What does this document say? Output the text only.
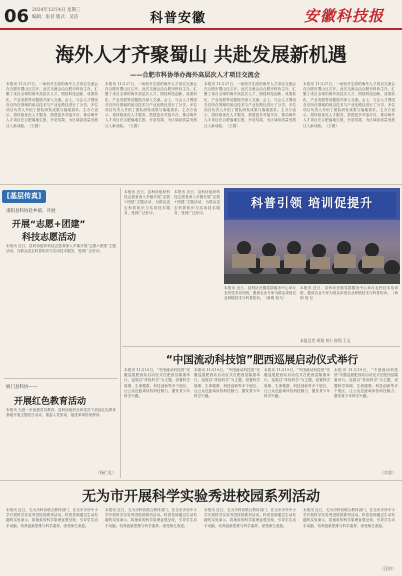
06 2024年12月4日 星期三
编辑：张君 版式：吴洁	科普安徽	安徽科技报
海外人才齐聚蜀山 共赴发展新机遇
——合肥市科协举办海外高层次人才项目交流会
本报讯 11月27日，一场别开生面的海外人才项目交流会在合肥市蜀山区召开。此次交流会由合肥市科协主办，汇聚了来自全球的海外高层次人才，围绕科技创新、成果转化、产业发展等话题展开深入交流。会上，与会人才围绕各自所在领域的前沿技术与产业化路径进行了分享，多位项目负责人介绍了团队研发成果与落地需求。主办方表示，将持续优化人才服务，搭建更多对接平台，推动海外人才项目在合肥落地生根、开花结果，为区域高质量发展注入新动能。（王娟）
本报讯 11月27日，一场别开生面的海外人才项目交流会在合肥市蜀山区召开。此次交流会由合肥市科协主办，汇聚了来自全球的海外高层次人才，围绕科技创新、成果转化、产业发展等话题展开深入交流。会上，与会人才围绕各自所在领域的前沿技术与产业化路径进行了分享，多位项目负责人介绍了团队研发成果与落地需求。主办方表示，将持续优化人才服务，搭建更多对接平台，推动海外人才项目在合肥落地生根、开花结果，为区域高质量发展注入新动能。（王娟）
本报讯 11月27日，一场别开生面的海外人才项目交流会在合肥市蜀山区召开。此次交流会由合肥市科协主办，汇聚了来自全球的海外高层次人才，围绕科技创新、成果转化、产业发展等话题展开深入交流。会上，与会人才围绕各自所在领域的前沿技术与产业化路径进行了分享，多位项目负责人介绍了团队研发成果与落地需求。主办方表示，将持续优化人才服务，搭建更多对接平台，推动海外人才项目在合肥落地生根、开花结果，为区域高质量发展注入新动能。（王娟）
本报讯 11月27日，一场别开生面的海外人才项目交流会在合肥市蜀山区召开。此次交流会由合肥市科协主办，汇聚了来自全球的海外高层次人才，围绕科技创新、成果转化、产业发展等话题展开深入交流。会上，与会人才围绕各自所在领域的前沿技术与产业化路径进行了分享，多位项目负责人介绍了团队研发成果与落地需求。主办方表示，将持续优化人才服务，搭建更多对接平台，推动海外人才项目在合肥落地生根、开花结果，为区域高质量发展注入新动能。（王娟）
[基层传真]
肃阳县科协赴乡镇、开展
开展“志愿+团建”
科技志愿活动
本报讯 近日，县科协组织科技志愿者深入乡镇开展“志愿+团建”主题活动，为群众送去科普知识与实用技术服务，受到广泛好评。
枞门县科协——
开展红色教育活动
本报讯 为进一步加强党员教育，县科协组织全体党员干部赴红色教育基地开展主题党日活动，重温入党誓词，接受革命传统教育。
（杨仁礼）
本报讯 近日，县科协组织科技志愿者深入乡镇开展“志愿+团建”主题活动，为群众送去科普知识与实用技术服务，受到广泛好评。
本报讯 近日，县科协组织科技志愿者深入乡镇开展“志愿+团建”主题活动，为群众送去科普知识与实用技术服务，受到广泛好评。
科普引领 培训促提升
本报讯 近日，县科协在镇党群服务中心举办农民技术培训班，邀请农业专家为群众讲授农业种植技术与科普知识。（黄明 倪飞）
本报记者 周翔 刘小 崔翔 王文
本报讯 近日，县科协在镇党群服务中心举办农民技术培训班，邀请农业专家为群众讲授农业种植技术与科普知识。（黄明 倪飞）
“中国流动科技馆”肥西巡展启动仪式举行
本报讯 11月19日，“中国流动科技馆”安徽巡展肥西站启动仪式在肥西县隆重举行。巡展以“体验科学”为主题，设置科学原理、生命健康、科技创新等多个展区，让公众近距离体验科技魅力，激发青少年科学兴趣。
本报讯 11月19日，“中国流动科技馆”安徽巡展肥西站启动仪式在肥西县隆重举行。巡展以“体验科学”为主题，设置科学原理、生命健康、科技创新等多个展区，让公众近距离体验科技魅力，激发青少年科学兴趣。
本报讯 11月19日，“中国流动科技馆”安徽巡展肥西站启动仪式在肥西县隆重举行。巡展以“体验科学”为主题，设置科学原理、生命健康、科技创新等多个展区，让公众近距离体验科技魅力，激发青少年科学兴趣。
本报讯 11月19日，“中国流动科技馆”安徽巡展肥西站启动仪式在肥西县隆重举行。巡展以“体验科学”为主题，设置科学原理、生命健康、科技创新等多个展区，让公众近距离体验科技魅力，激发青少年科学兴趣。
（佘思）
无为市开展科学实验秀进校园系列活动
本报讯 近日，无为市科协联合教体部门，在全市多所中小学开展科学实验秀进校园系列活动。科普老师通过生动有趣的实验演示，将抽象的科学原理直观呈现，引导学生动手动脑，培养创新思维与科学素养，深受师生欢迎。
本报讯 近日，无为市科协联合教体部门，在全市多所中小学开展科学实验秀进校园系列活动。科普老师通过生动有趣的实验演示，将抽象的科学原理直观呈现，引导学生动手动脑，培养创新思维与科学素养，深受师生欢迎。
本报讯 近日，无为市科协联合教体部门，在全市多所中小学开展科学实验秀进校园系列活动。科普老师通过生动有趣的实验演示，将抽象的科学原理直观呈现，引导学生动手动脑，培养创新思维与科学素养，深受师生欢迎。
本报讯 近日，无为市科协联合教体部门，在全市多所中小学开展科学实验秀进校园系列活动。科普老师通过生动有趣的实验演示，将抽象的科学原理直观呈现，引导学生动手动脑，培养创新思维与科学素养，深受师生欢迎。
（汪怡）
